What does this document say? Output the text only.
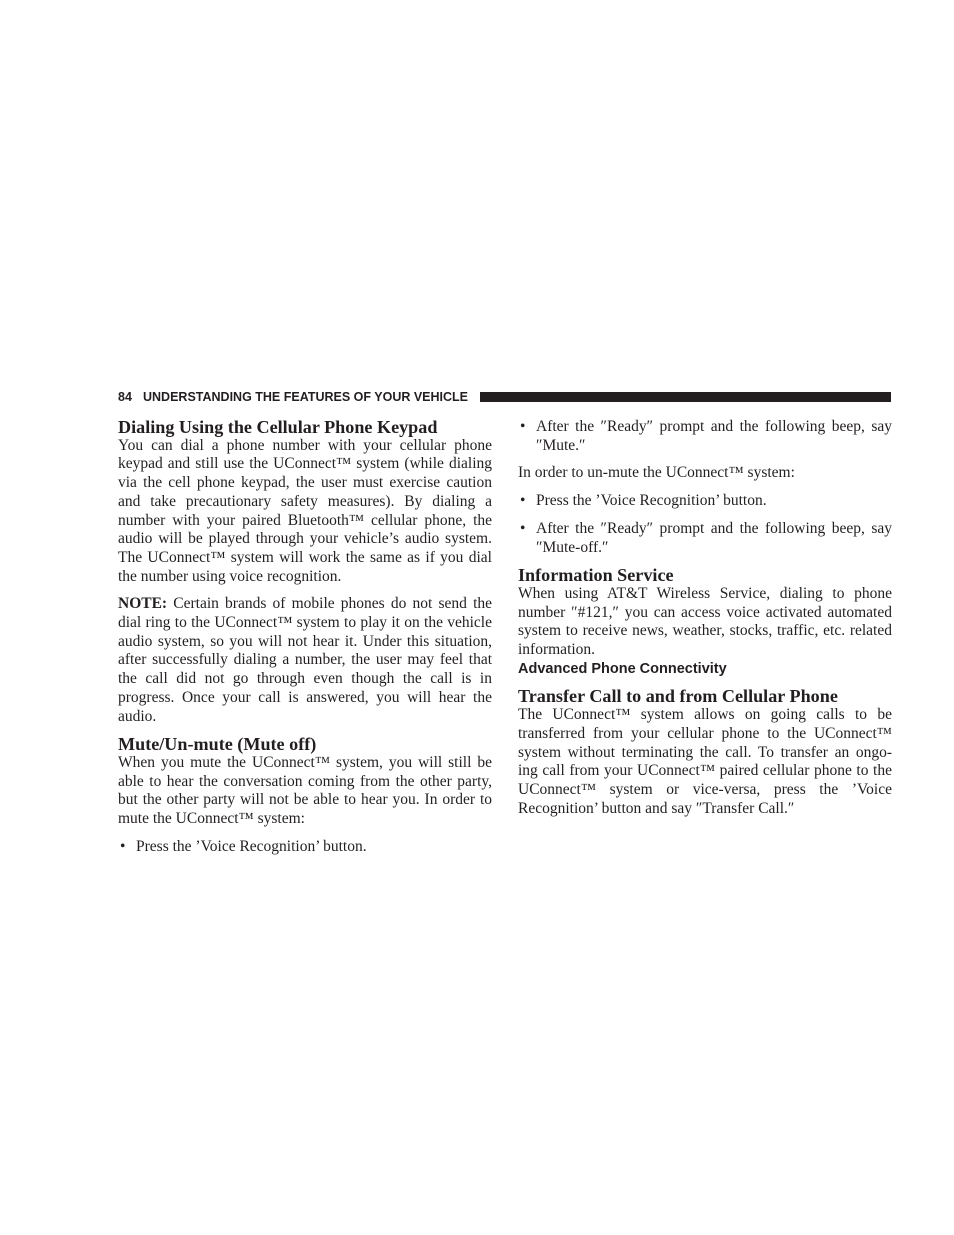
84 UNDERSTANDING THE FEATURES OF YOUR VEHICLE
Dialing Using the Cellular Phone Keypad

You can dial a phone number with your cellular phone keypad and still use the UConnect™ system (while dialing via the cell phone keypad, the user must exercise caution and take precautionary safety measures). By dialing a number with your paired Bluetooth™ cellular phone, the audio will be played through your vehicle’s audio system. The UConnect™ system will work the same as if you dial the number using voice recognition.

NOTE: Certain brands of mobile phones do not send the dial ring to the UConnect™ system to play it on the vehicle audio system, so you will not hear it. Under this situation, after successfully dialing a number, the user may feel that the call did not go through even though the call is in progress. Once your call is answered, you will hear the audio.

Mute/Un-mute (Mute off)

When you mute the UConnect™ system, you will still be able to hear the conversation coming from the other party, but the other party will not be able to hear you. In order to mute the UConnect™ system:

• Press the ’Voice Recognition’ button.
• After the ″Ready″ prompt and the following beep, say ″Mute.″

In order to un-mute the UConnect™ system:

• Press the ’Voice Recognition’ button.
• After the ″Ready″ prompt and the following beep, say ″Mute-off.″
Information Service

When using AT&T Wireless Service, dialing to phone number ″#121,″ you can access voice activated automated system to receive news, weather, stocks, traffic, etc. related information.

Advanced Phone Connectivity
Transfer Call to and from Cellular Phone

The UConnect™ system allows on going calls to be transferred from your cellular phone to the UConnect™ system without terminating the call. To transfer an ongo- ing call from your UConnect™ paired cellular phone to the UConnect™ system or vice-versa, press the ’Voice Recognition’ button and say ″Transfer Call.″
